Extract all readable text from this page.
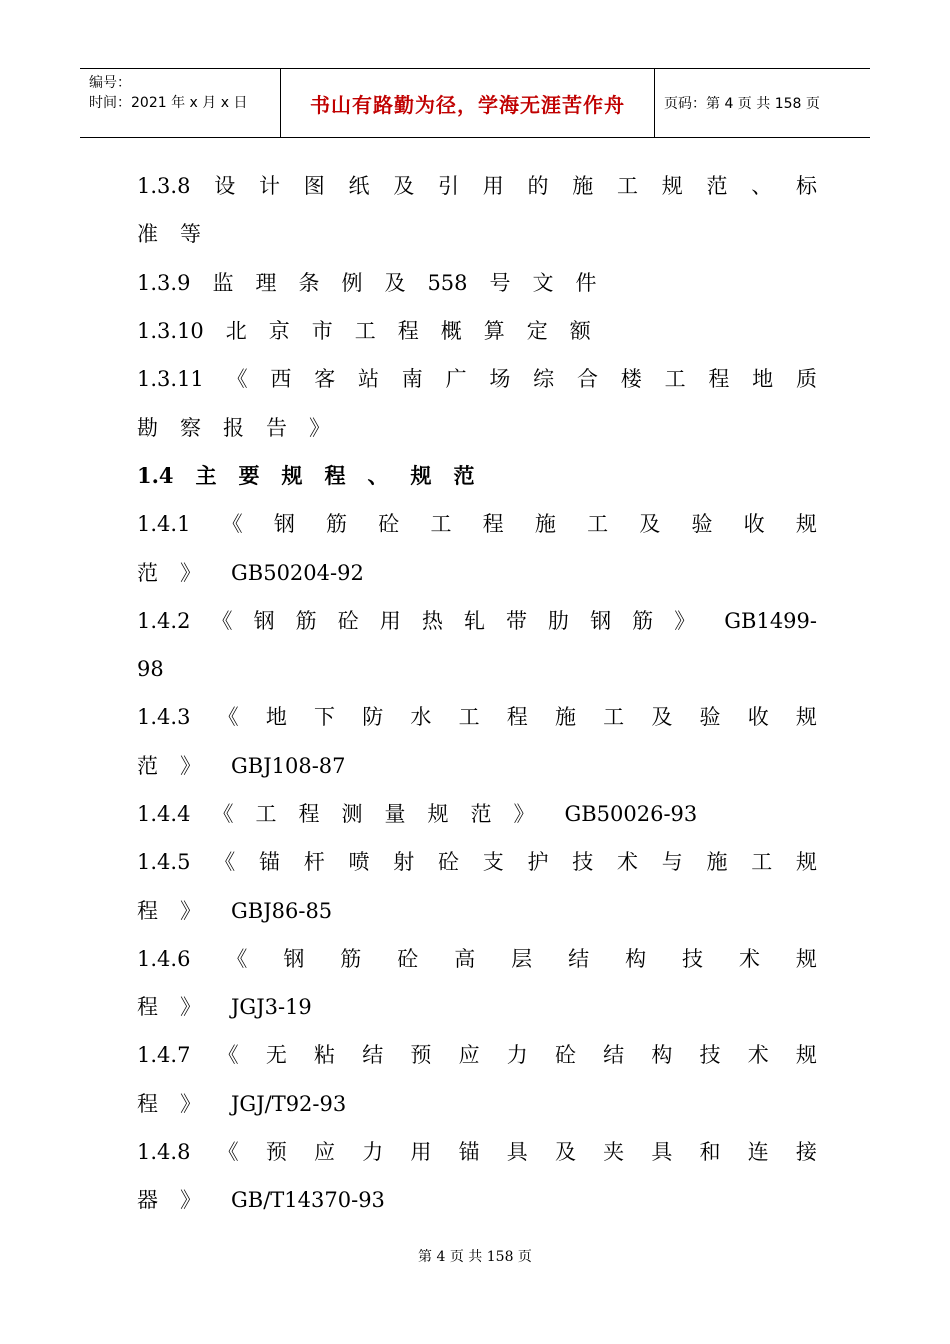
编号：
时间：2021 年 x 月 x 日	书山有路勤为径，学海无涯苦作舟	页码：第 4 页 共 158 页
1.3.8 设 计 图 纸 及 引 用 的 施 工 规 范 、 标
准 等
1.3.9 监 理 条 例 及 558 号 文 件
1.3.10 北 京 市 工 程 概 算 定 额
1.3.11 《 西 客 站 南 广 场 综 合 楼 工 程 地 质
勘 察 报 告 》
1.4 主 要 规 程 、 规 范
1.4.1 《 钢 筋 砼 工 程 施 工 及 验 收 规
范 》 GB50204-92
1.4.2 《 钢 筋 砼 用 热 轧 带 肋 钢 筋 》 GB1499-
98
1.4.3 《 地 下 防 水 工 程 施 工 及 验 收 规
范 》 GBJ108-87
1.4.4 《 工 程 测 量 规 范 》 GB50026-93
1.4.5 《 锚 杆 喷 射 砼 支 护 技 术 与 施 工 规
程 》 GBJ86-85
1.4.6 《 钢 筋 砼 高 层 结 构 技 术 规
程 》 JGJ3-19
1.4.7 《 无 粘 结 预 应 力 砼 结 构 技 术 规
程 》 JGJ/T92-93
1.4.8 《 预 应 力 用 锚 具 及 夹 具 和 连 接
器 》 GB/T14370-93
第 4 页 共 158 页
